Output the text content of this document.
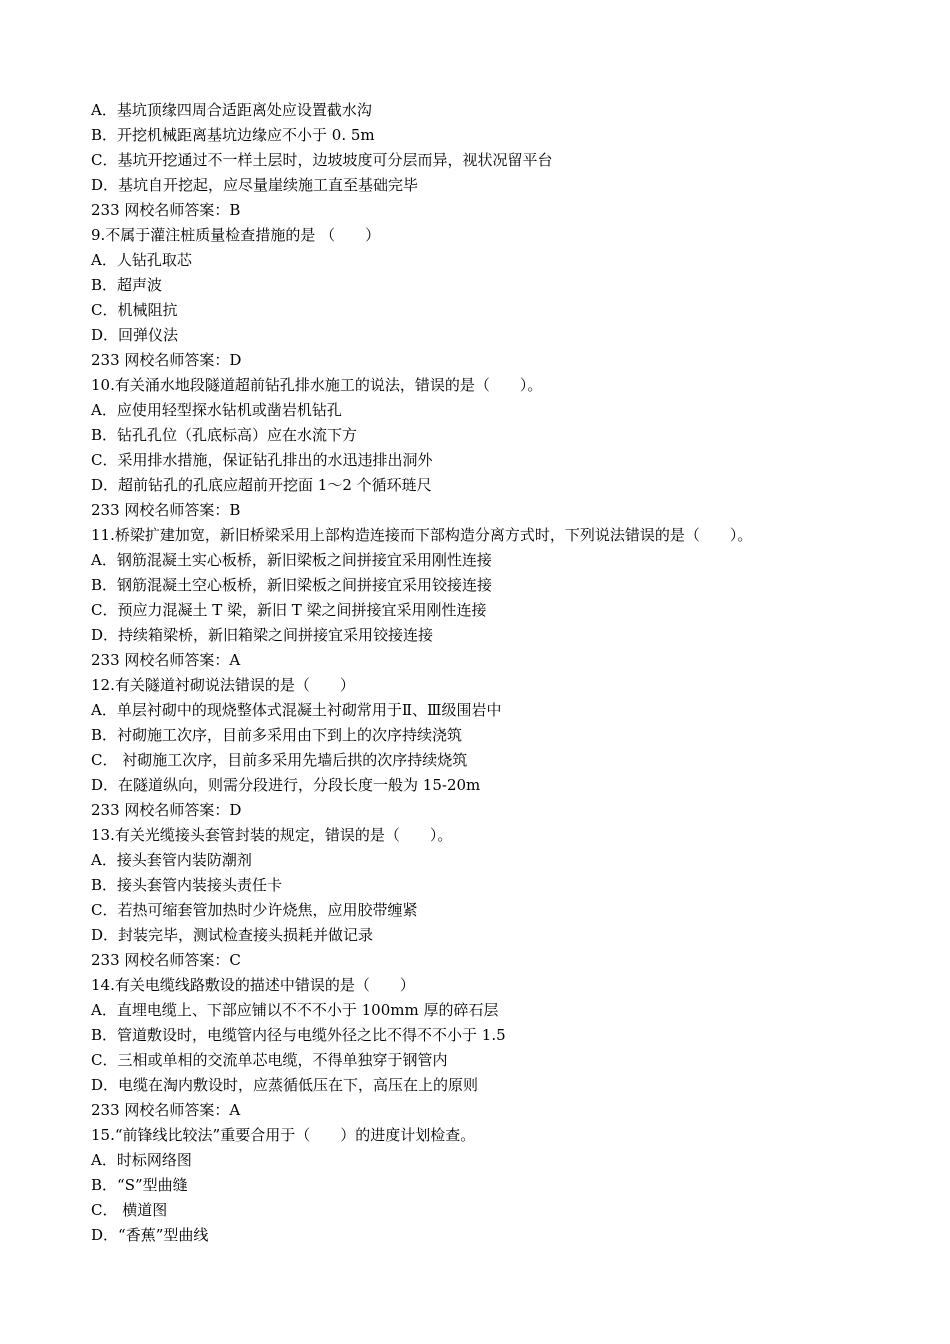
A．基坑顶缘四周合适距离处应设置截水沟
B．开挖机械距离基坑边缘应不小于 0. 5m
C．基坑开挖通过不一样土层时，边坡坡度可分层而异，视状况留平台
D．基坑自开挖起，应尽量崖续施工直至基础完毕
233 网校名师答案：B
9.不属于灌注桩质量检查措施的是 （　　）
A．人钻孔取芯
B．超声波
C．机械阻抗
D．回弹仪法
233 网校名师答案：D
10.有关涌水地段隧道超前钻孔排水施工的说法，错误的是（　　）。
A．应使用轻型探水钻机或凿岩机钻孔
B．钻孔孔位（孔底标高）应在水流下方
C．采用排水措施，保证钻孔排出的水迅违排出洞外
D．超前钻孔的孔底应超前开挖面 1～2 个循环琏尺
233 网校名师答案：B
11.桥梁扩建加宽，新旧桥梁采用上部构造连接而下部构造分离方式时，下列说法错误的是（　　）。
A．钢筋混凝土实心板桥，新旧梁板之间拼接宜采用刚性连接
B．钢筋混凝土空心板桥，新旧梁板之间拼接宜采用铰接连接
C．预应力混凝土 T 梁，新旧 T 梁之间拼接宜采用刚性连接
D．持续箱梁桥，新旧箱梁之间拼接宜采用铰接连接
233 网校名师答案：A
12.有关隧道衬砌说法错误的是（　　）
A．单层衬砌中的现烧整体式混凝土衬砌常用于Ⅱ、Ⅲ级围岩中
B．衬砌施工次序，目前多采用由下到上的次序持续浇筑
C． 衬砌施工次序，目前多采用先墙后拱的次序持续烧筑
D．在隧道纵向，则需分段进行，分段长度一般为 15-20m
233 网校名师答案：D
13.有关光缆接头套管封装的规定，错误的是（　　）。
A．接头套管内装防潮剂
B．接头套管内装接头责任卡
C．若热可缩套管加热时少许烧焦，应用胶带缠紧
D．封装完毕，测试检查接头损耗并做记录
233 网校名师答案：C
14.有关电缆线路敷设的描述中错误的是（　　）
A．直埋电缆上、下部应铺以不不不小于 100mm 厚的碎石层
B．管道敷设时，电缆管内径与电缆外径之比不得不不小于 1.5
C．三相或单相的交流单芯电缆，不得单独穿于钢管内
D．电缆在淘内敷设时，应蒸循低压在下，高压在上的原则
233 网校名师答案：A
15.“前锋线比较法”重要合用于（　　）的进度计划检查。
A．时标网络图
B．“S”型曲缝
C． 横道图
D．“香蕉”型曲线
